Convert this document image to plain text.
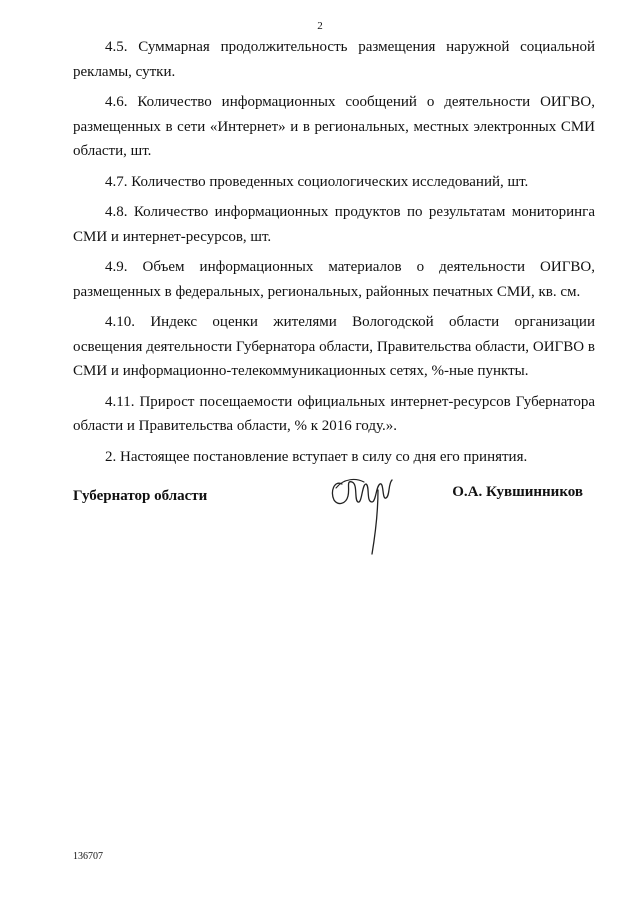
2

4.5. Суммарная продолжительность размещения наружной социальной рекламы, сутки.

4.6. Количество информационных сообщений о деятельности ОИГВО, размещенных в сети «Интернет» и в региональных, местных электронных СМИ области, шт.

4.7. Количество проведенных социологических исследований, шт.

4.8. Количество информационных продуктов по результатам мониторинга СМИ и интернет-ресурсов, шт.

4.9. Объем информационных материалов о деятельности ОИГВО, размещенных в федеральных, региональных, районных печатных СМИ, кв. см.

4.10. Индекс оценки жителями Вологодской области организации освещения деятельности Губернатора области, Правительства области, ОИГВО в СМИ и информационно-телекоммуникационных сетях, %-ные пункты.

4.11. Прирост посещаемости официальных интернет-ресурсов Губернатора области и Правительства области, % к 2016 году.».

2. Настоящее постановление вступает в силу со дня его принятия.

Губернатор области	О.А. Кувшинников
136707
